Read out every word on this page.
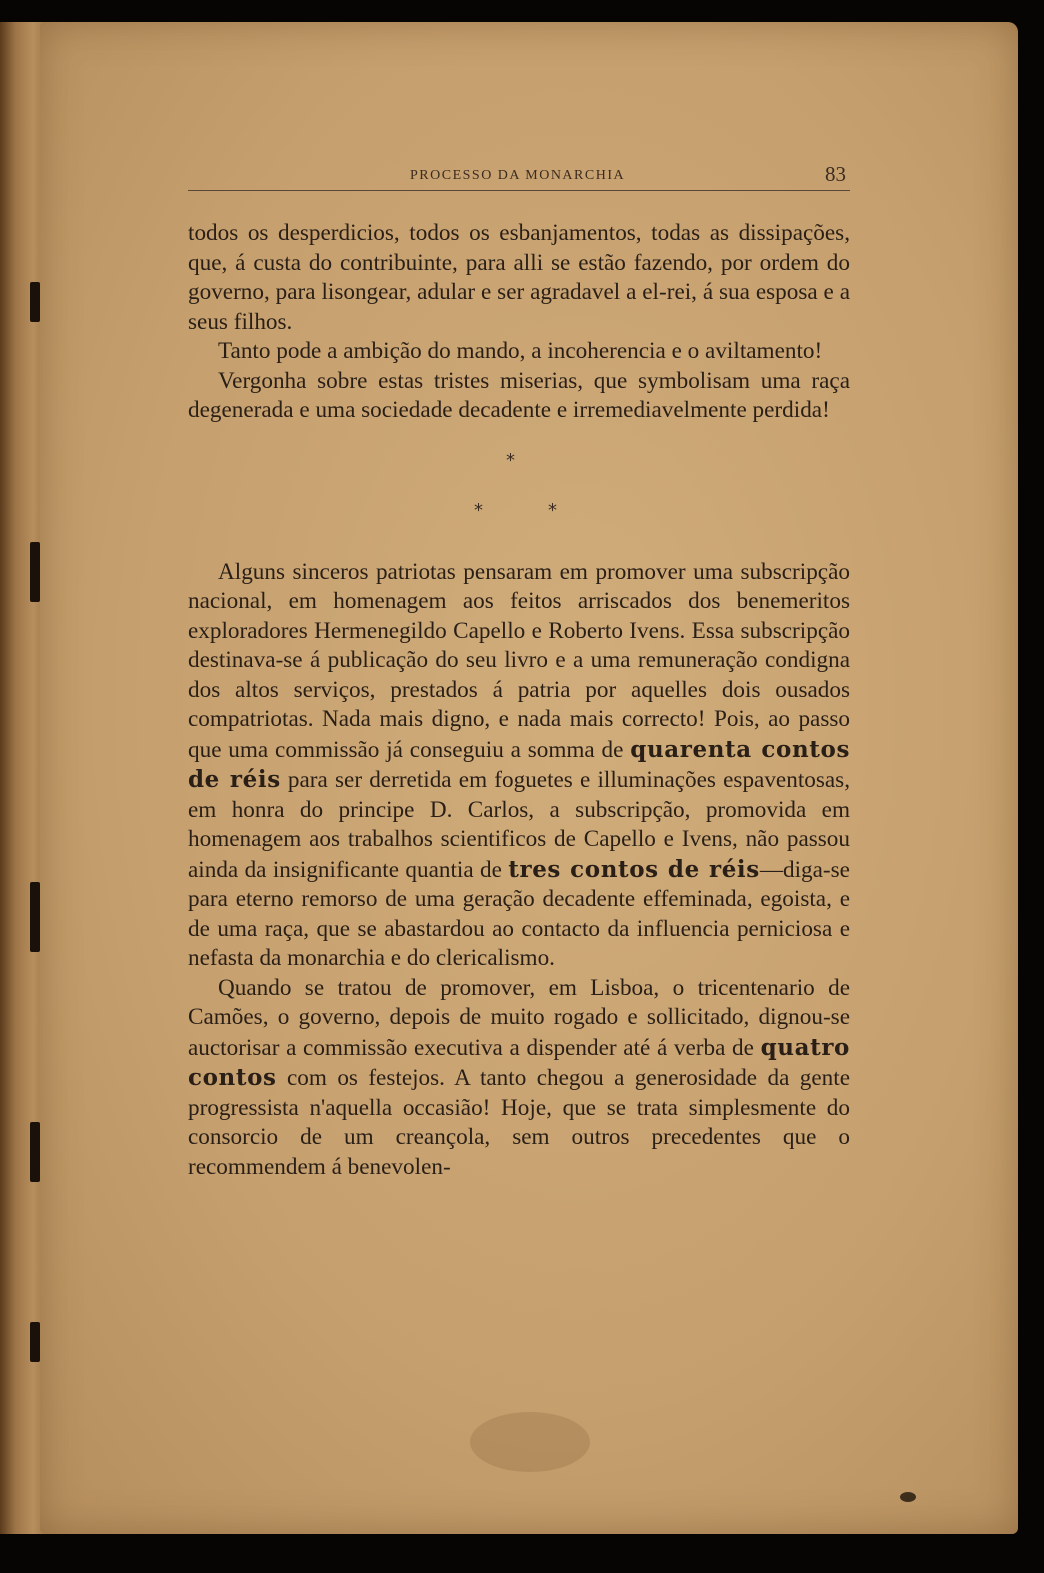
PROCESSO DA MONARCHIA	83

todos os desperdicios, todos os esbanjamentos, todas as dissipações, que, á custa do contribuinte, para alli se estão fazendo, por ordem do governo, para lisongear, adular e ser agradavel a el-rei, á sua esposa e a seus filhos.

Tanto pode a ambição do mando, a incoherencia e o aviltamento!

Vergonha sobre estas tristes miserias, que symbolisam uma raça degenerada e uma sociedade decadente e irremediavelmente perdida!

*
*	*

Alguns sinceros patriotas pensaram em promover uma subscripção nacional, em homenagem aos feitos arriscados dos benemeritos exploradores Hermenegildo Capello e Roberto Ivens. Essa subscripção destinava-se á publicação do seu livro e a uma remuneração condigna dos altos serviços, prestados á patria por aquelles dois ousados compatriotas. Nada mais digno, e nada mais correcto! Pois, ao passo que uma commissão já conseguiu a somma de quarenta contos de réis para ser derretida em foguetes e illuminações espaventosas, em honra do principe D. Carlos, a subscripção, promovida em homenagem aos trabalhos scientificos de Capello e Ivens, não passou ainda da insignificante quantia de tres contos de réis—diga-se para eterno remorso de uma geração decadente effeminada, egoista, e de uma raça, que se abastardou ao contacto da influencia perniciosa e nefasta da monarchia e do clericalismo.

Quando se tratou de promover, em Lisboa, o tricentenario de Camões, o governo, depois de muito rogado e sollicitado, dignou-se auctorisar a commissão executiva a dispender até á verba de quatro contos com os festejos. A tanto chegou a generosidade da gente progressista n'aquella occasião! Hoje, que se trata simplesmente do consorcio de um creançola, sem outros precedentes que o recommendem á benevolen-
